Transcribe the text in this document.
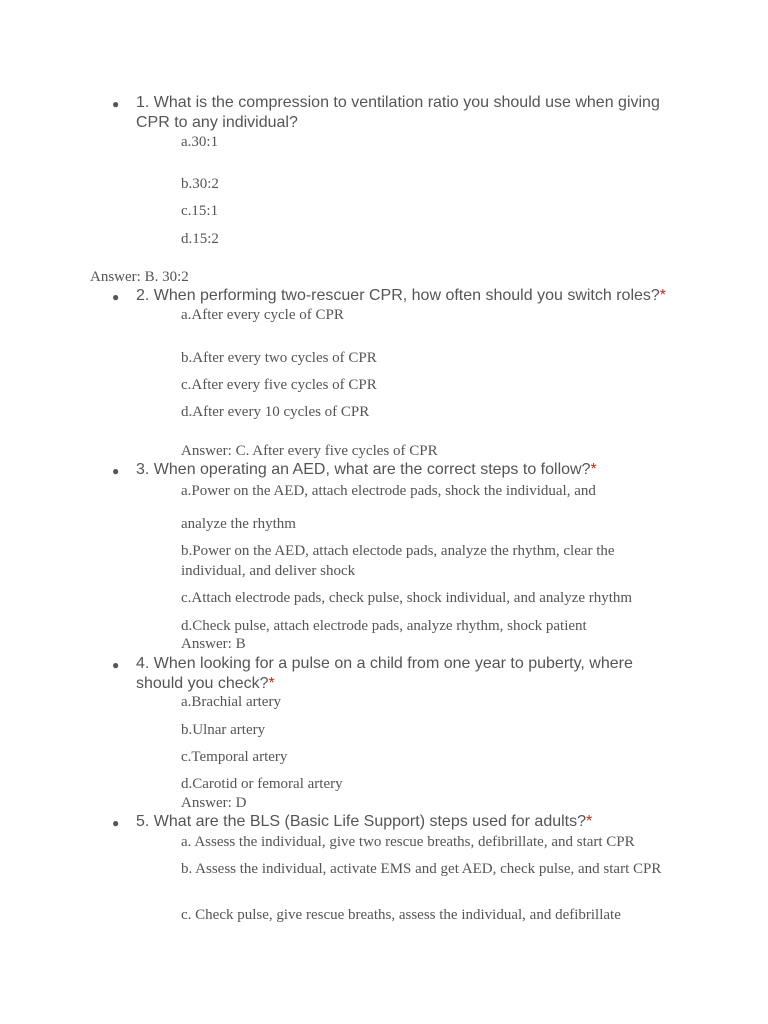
● 1. What is the compression to ventilation ratio you should use when giving CPR to any individual?

a.30:1

b.30:2

c.15:1

d.15:2

Answer: B. 30:2

● 2. When performing two-rescuer CPR, how often should you switch roles?*

a.After every cycle of CPR

b.After every two cycles of CPR

c.After every five cycles of CPR

d.After every 10 cycles of CPR

Answer: C. After every five cycles of CPR

● 3. When operating an AED, what are the correct steps to follow?*

a.Power on the AED, attach electrode pads, shock the individual, and

analyze the rhythm

b.Power on the AED, attach electode pads, analyze the rhythm, clear the individual, and deliver shock

c.Attach electrode pads, check pulse, shock individual, and analyze rhythm

d.Check pulse, attach electrode pads, analyze rhythm, shock patient

Answer: B

● 4. When looking for a pulse on a child from one year to puberty, where should you check?*

a.Brachial artery

b.Ulnar artery

c.Temporal artery

d.Carotid or femoral artery

Answer: D

● 5. What are the BLS (Basic Life Support) steps used for adults?*

a. Assess the individual, give two rescue breaths, defibrillate, and start CPR

b. Assess the individual, activate EMS and get AED, check pulse, and start CPR

c. Check pulse, give rescue breaths, assess the individual, and defibrillate
